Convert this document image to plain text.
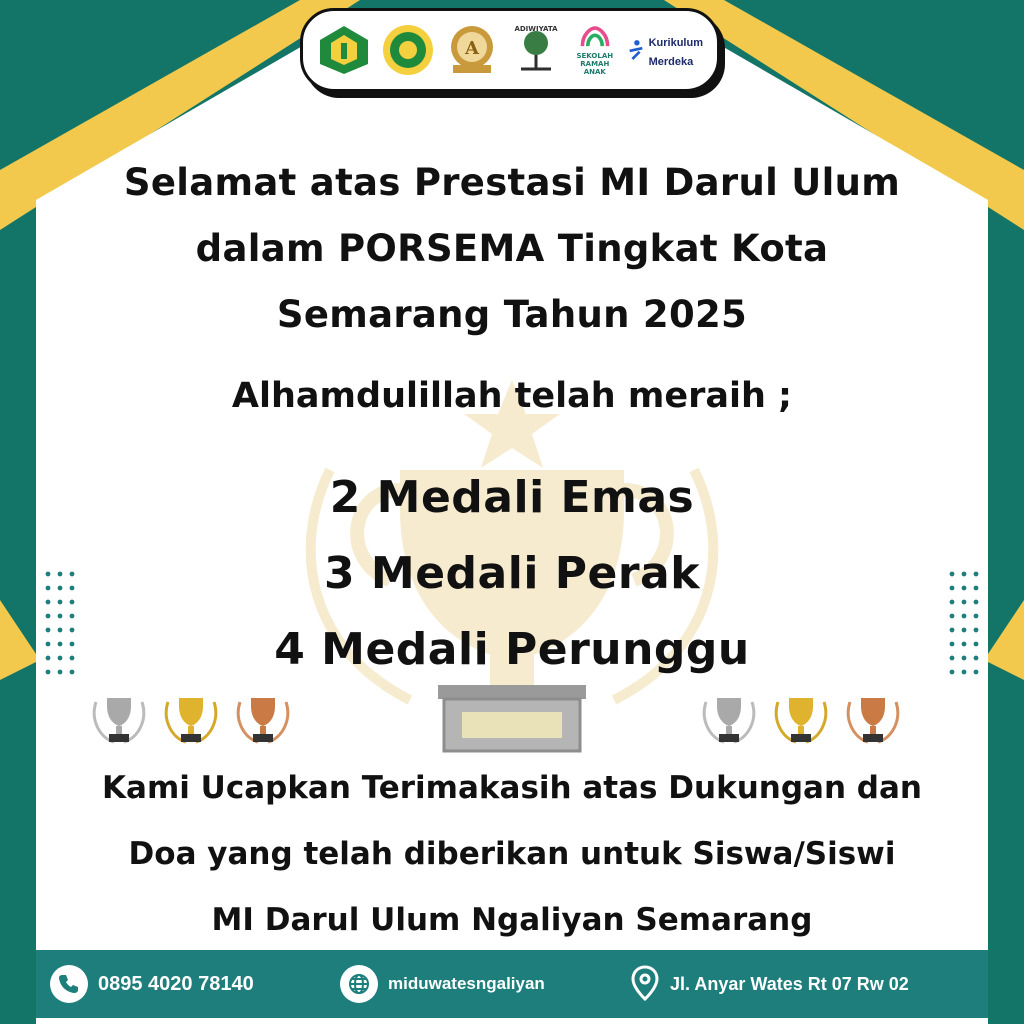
A
ADIWIYATA
SEKOLAH RAMAH ANAK
Kurikulum
Merdeka
Selamat atas Prestasi MI Darul Ulum
dalam PORSEMA Tingkat Kota
Semarang Tahun 2025
Alhamdulillah telah meraih ;
2 Medali Emas
3 Medali Perak
4 Medali Perunggu
Kami Ucapkan Terimakasih atas Dukungan dan
Doa yang telah diberikan untuk Siswa/Siswi
MI Darul Ulum Ngaliyan Semarang
0895 4020 78140	miduwatesngaliyan	Jl. Anyar Wates Rt 07 Rw 02
